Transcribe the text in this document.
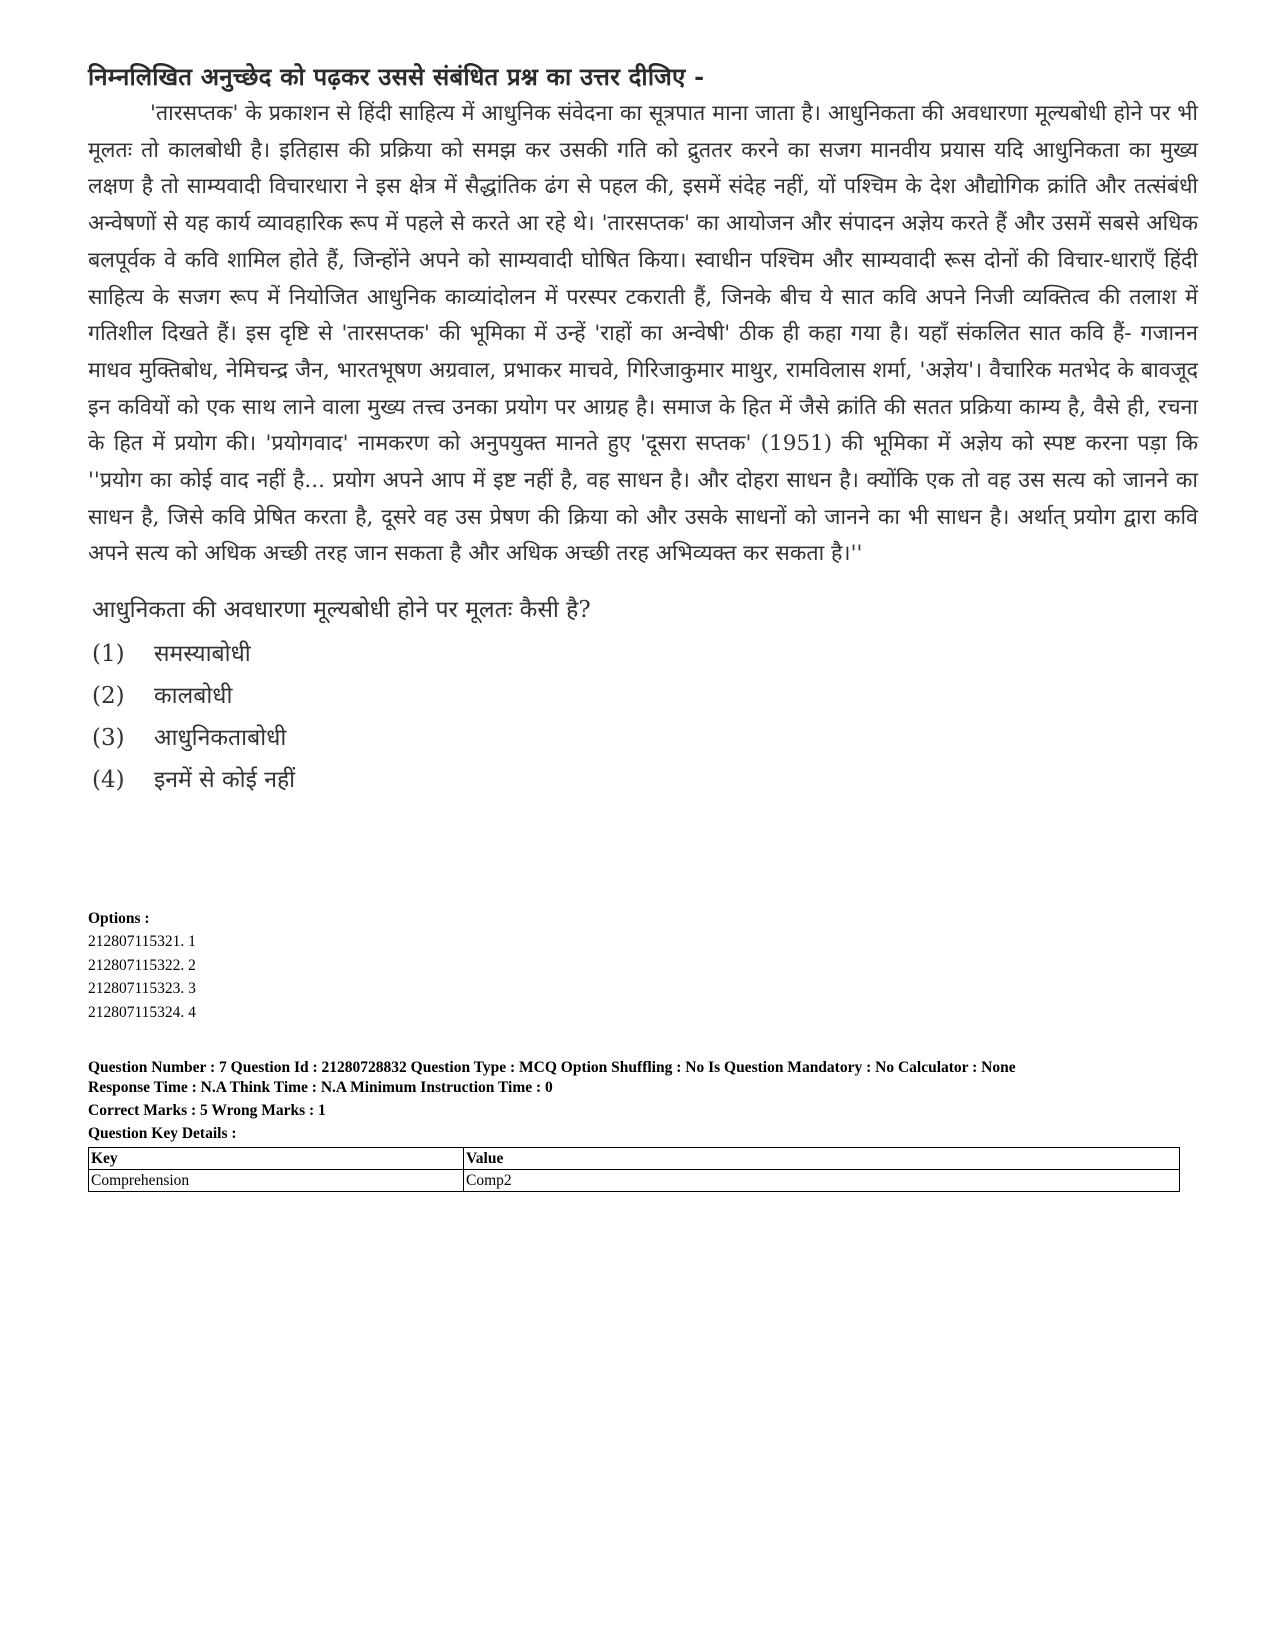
निम्नलिखित अनुच्छेद को पढ़कर उससे संबंधित प्रश्न का उत्तर दीजिए -

'तारसप्तक' के प्रकाशन से हिंदी साहित्य में आधुनिक संवेदना का सूत्रपात माना जाता है। आधुनिकता की अवधारणा मूल्यबोधी होने पर भी मूलतः तो कालबोधी है। इतिहास की प्रक्रिया को समझ कर उसकी गति को द्रुततर करने का सजग मानवीय प्रयास यदि आधुनिकता का मुख्य लक्षण है तो साम्यवादी विचारधारा ने इस क्षेत्र में सैद्धांतिक ढंग से पहल की, इसमें संदेह नहीं, यों पश्चिम के देश औद्योगिक क्रांति और तत्संबंधी अन्वेषणों से यह कार्य व्यावहारिक रूप में पहले से करते आ रहे थे। 'तारसप्तक' का आयोजन और संपादन अज्ञेय करते हैं और उसमें सबसे अधिक बलपूर्वक वे कवि शामिल होते हैं, जिन्होंने अपने को साम्यवादी घोषित किया। स्वाधीन पश्चिम और साम्यवादी रूस दोनों की विचार-धाराएँ हिंदी साहित्य के सजग रूप में नियोजित आधुनिक काव्यांदोलन में परस्पर टकराती हैं, जिनके बीच ये सात कवि अपने निजी व्यक्तित्व की तलाश में गतिशील दिखते हैं। इस दृष्टि से 'तारसप्तक' की भूमिका में उन्हें 'राहों का अन्वेषी' ठीक ही कहा गया है। यहाँ संकलित सात कवि हैं- गजानन माधव मुक्तिबोध, नेमिचन्द्र जैन, भारतभूषण अग्रवाल, प्रभाकर माचवे, गिरिजाकुमार माथुर, रामविलास शर्मा, 'अज्ञेय'। वैचारिक मतभेद के बावजूद इन कवियों को एक साथ लाने वाला मुख्य तत्त्व उनका प्रयोग पर आग्रह है। समाज के हित में जैसे क्रांति की सतत प्रक्रिया काम्य है, वैसे ही, रचना के हित में प्रयोग की। 'प्रयोगवाद' नामकरण को अनुपयुक्त मानते हुए 'दूसरा सप्तक' (1951) की भूमिका में अज्ञेय को स्पष्ट करना पड़ा कि ''प्रयोग का कोई वाद नहीं है... प्रयोग अपने आप में इष्ट नहीं है, वह साधन है। और दोहरा साधन है। क्योंकि एक तो वह उस सत्य को जानने का साधन है, जिसे कवि प्रेषित करता है, दूसरे वह उस प्रेषण की क्रिया को और उसके साधनों को जानने का भी साधन है। अर्थात् प्रयोग द्वारा कवि अपने सत्य को अधिक अच्छी तरह जान सकता है और अधिक अच्छी तरह अभिव्यक्त कर सकता है।''

आधुनिकता की अवधारणा मूल्यबोधी होने पर मूलतः कैसी है?
(1)	समस्याबोधी
(2)	कालबोधी
(3)	आधुनिकताबोधी
(4)	इनमें से कोई नहीं
Options :
212807115321. 1
212807115322. 2
212807115323. 3
212807115324. 4
Question Number : 7 Question Id : 21280728832 Question Type : MCQ Option Shuffling : No Is Question Mandatory : No Calculator : None
Response Time : N.A Think Time : N.A Minimum Instruction Time : 0
Correct Marks : 5 Wrong Marks : 1
Question Key Details :
Key	Value
Comprehension	Comp2
